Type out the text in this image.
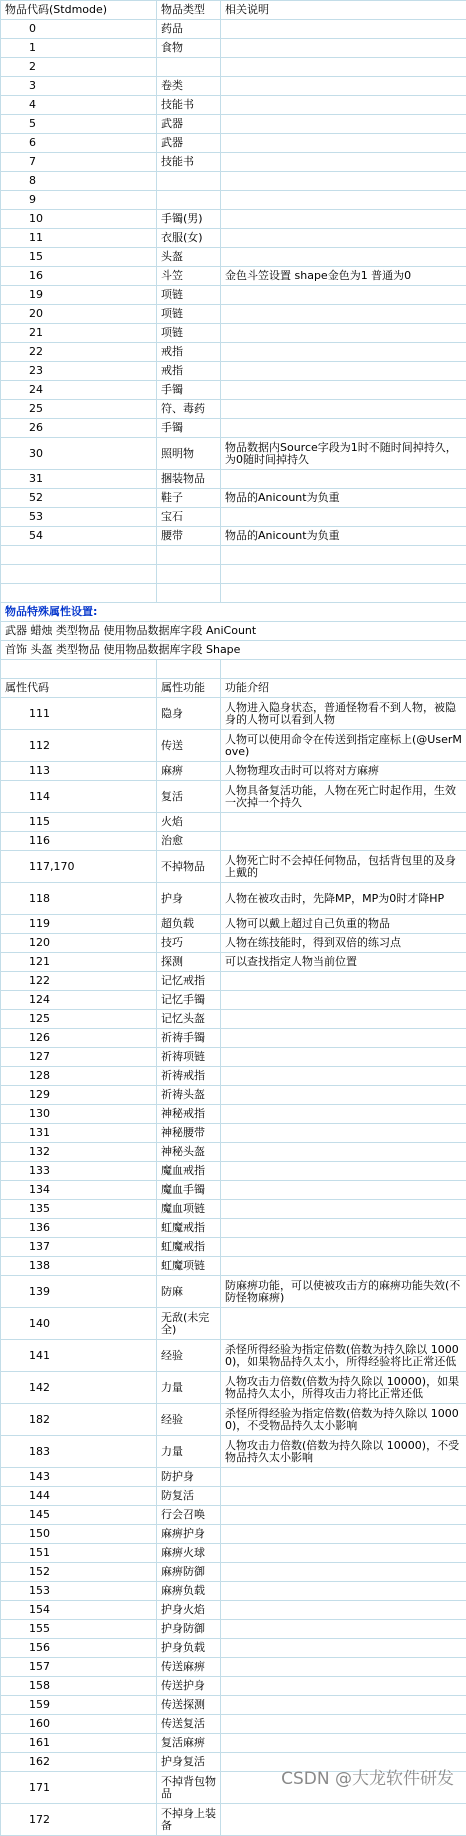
物品代码(Stdmode)	物品类型	相关说明
0	药品	
1	食物	
2		
3	卷类	
4	技能书	
5	武器	
6	武器	
7	技能书	
8		
9		
10	手镯(男)	
11	衣服(女)	
15	头盔	
16	斗笠	金色斗笠设置 shape金色为1 普通为0
19	项链	
20	项链	
21	项链	
22	戒指	
23	戒指	
24	手镯	
25	符、毒药	
26	手镯	
30	照明物	物品数据内Source字段为1时不随时间掉持久，为0随时间掉持久
31	捆装物品	
52	鞋子	物品的Anicount为负重
53	宝石	
54	腰带	物品的Anicount为负重

物品特殊属性设置:		
武器 蜡烛 类型物品 使用物品数据库字段 AniCount		
首饰 头盔 类型物品 使用物品数据库字段 Shape		

属性代码	属性功能	功能介绍
111	隐身	人物进入隐身状态，普通怪物看不到人物，被隐身的人物可以看到人物
112	传送	人物可以使用命令在传送到指定座标上(@UserMove)
113	麻痹	人物物理攻击时可以将对方麻痹
114	复活	人物具备复活功能，人物在死亡时起作用，生效一次掉一个持久
115	火焰	
116	治愈	
117,170	不掉物品	人物死亡时不会掉任何物品，包括背包里的及身上戴的
118	护身	人物在被攻击时，先降MP，MP为0时才降HP
119	超负载	人物可以戴上超过自己负重的物品
120	技巧	人物在练技能时，得到双倍的练习点
121	探测	可以查找指定人物当前位置
122	记忆戒指	
124	记忆手镯	
125	记忆头盔	
126	祈祷手镯	
127	祈祷项链	
128	祈祷戒指	
129	祈祷头盔	
130	神秘戒指	
131	神秘腰带	
132	神秘头盔	
133	魔血戒指	
134	魔血手镯	
135	魔血项链	
136	虹魔戒指	
137	虹魔戒指	
138	虹魔项链	
139	防麻	防麻痹功能，可以使被攻击方的麻痹功能失效(不防怪物麻痹)
140	无敌(未完全)	
141	经验	杀怪所得经验为指定倍数(倍数为持久除以 10000)，如果物品持久太小，所得经验将比正常还低
142	力量	人物攻击力倍数(倍数为持久除以 10000)，如果物品持久太小，所得攻击力将比正常还低
182	经验	杀怪所得经验为指定倍数(倍数为持久除以 10000)，不受物品持久太小影响
183	力量	人物攻击力倍数(倍数为持久除以 10000)，不受物品持久太小影响
143	防护身	
144	防复活	
145	行会召唤	
150	麻痹护身	
151	麻痹火球	
152	麻痹防御	
153	麻痹负载	
154	护身火焰	
155	护身防御	
156	护身负载	
157	传送麻痹	
158	传送护身	
159	传送探测	
160	传送复活	
161	复活麻痹	
162	护身复活	
171	不掉背包物品	
172	不掉身上装备	
CSDN @大龙软件研发
